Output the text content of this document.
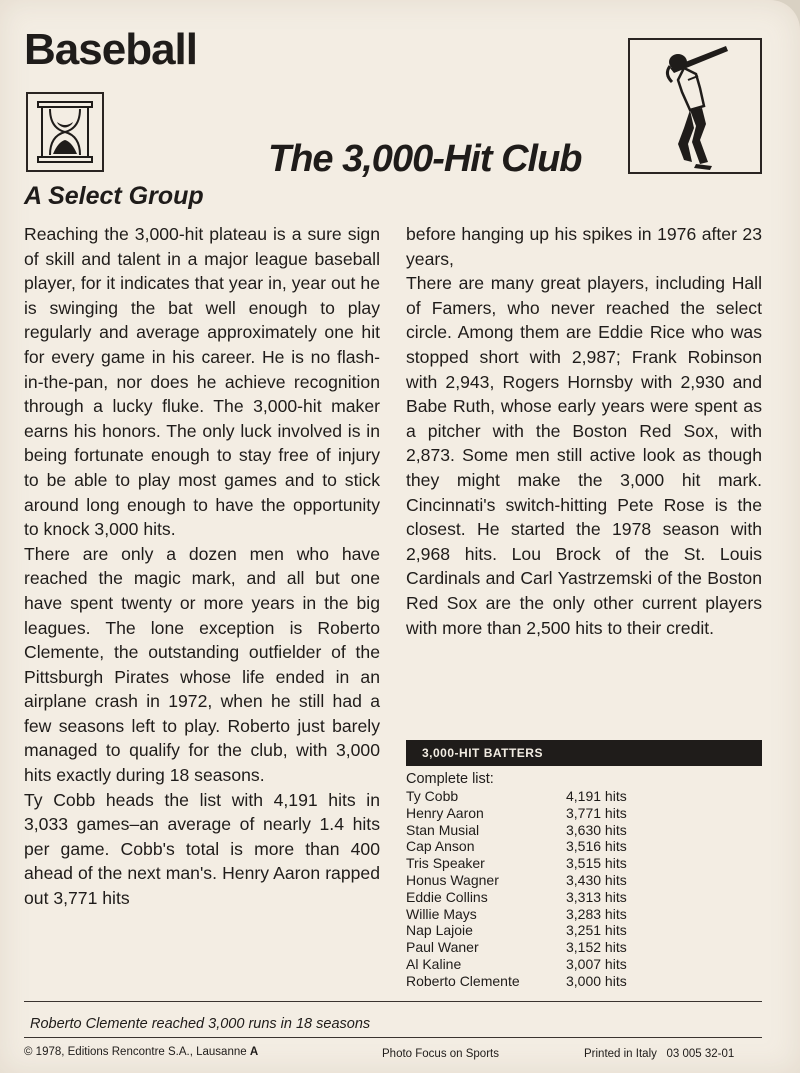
Baseball
The 3,000-Hit Club
A Select Group

Reaching the 3,000-hit plateau is a sure sign of skill and talent in a major league baseball player, for it indicates that year in, year out he is swinging the bat well enough to play regularly and average approximately one hit for every game in his career. He is no flash-in-the-pan, nor does he achieve recognition through a lucky fluke. The 3,000-hit maker earns his honors. The only luck involved is in being fortunate enough to stay free of injury to be able to play most games and to stick around long enough to have the opportunity to knock 3,000 hits.

There are only a dozen men who have reached the magic mark, and all but one have spent twenty or more years in the big leagues. The lone exception is Roberto Clemente, the outstanding outfielder of the Pittsburgh Pirates whose life ended in an airplane crash in 1972, when he still had a few seasons left to play. Roberto just barely managed to qualify for the club, with 3,000 hits exactly during 18 seasons.

Ty Cobb heads the list with 4,191 hits in 3,033 games–an average of nearly 1.4 hits per game. Cobb's total is more than 400 ahead of the next man's. Henry Aaron rapped out 3,771 hits

before hanging up his spikes in 1976 after 23 years,

There are many great players, including Hall of Famers, who never reached the select circle. Among them are Eddie Rice who was stopped short with 2,987; Frank Robinson with 2,943, Rogers Hornsby with 2,930 and Babe Ruth, whose early years were spent as a pitcher with the Boston Red Sox, with 2,873. Some men still active look as though they might make the 3,000 hit mark. Cincinnati's switch-hitting Pete Rose is the closest. He started the 1978 season with 2,968 hits. Lou Brock of the St. Louis Cardinals and Carl Yastrzemski of the Boston Red Sox are the only other current players with more than 2,500 hits to their credit.

3,000-HIT BATTERS
Complete list:
Ty Cobb	4,191 hits
Henry Aaron	3,771 hits
Stan Musial	3,630 hits
Cap Anson	3,516 hits
Tris Speaker	3,515 hits
Honus Wagner	3,430 hits
Eddie Collins	3,313 hits
Willie Mays	3,283 hits
Nap Lajoie	3,251 hits
Paul Waner	3,152 hits
Al Kaline	3,007 hits
Roberto Clemente	3,000 hits
Roberto Clemente reached 3,000 runs in 18 seasons
© 1978, Editions Rencontre S.A., Lausanne A	Photo Focus on Sports	Printed in Italy   03 005 32-01
